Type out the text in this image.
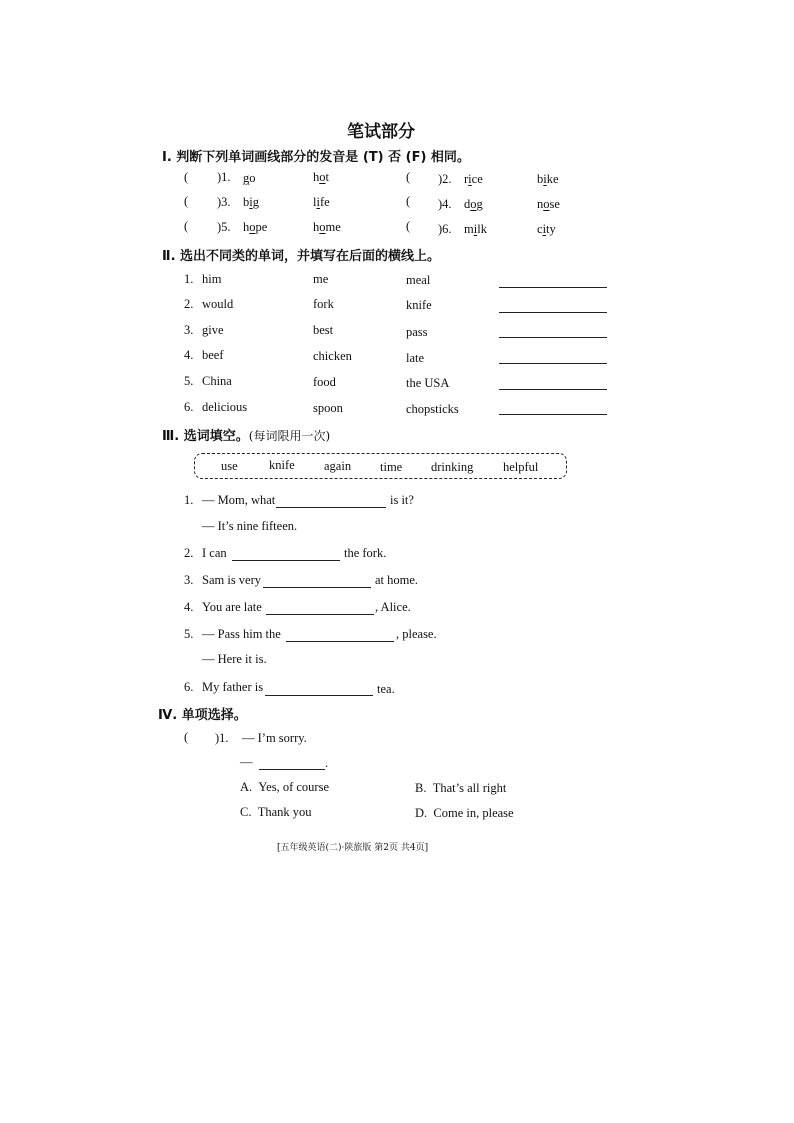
笔试部分
Ⅰ. 判断下列单词画线部分的发音是 (T) 否 (F) 相同。
( )1. go	hot	( )2. rice	bike
( )3. big	life	( )4. dog	nose
( )5. hope	home	( )6. milk	city
Ⅱ. 选出不同类的单词，并填写在后面的横线上。
1. him	me	meal
2. would	fork	knife
3. give	best	pass
4. beef	chicken	late
5. China	food	the USA
6. delicious	spoon	chopsticks
Ⅲ. 选词填空。(每词限用一次)
use	knife again time drinking helpful
1. — Mom, what	is it?
— It’s nine fifteen.
2. I can	the fork.
3. Sam is very	at home.
4. You are late	, Alice.
5. — Pass him the	, please.
— Here it is.
6. My father is	tea.
Ⅳ. 单项选择。
( )1. — I’m sorry.
—	.
A. Yes, of course	B. That’s all right
C. Thank you	D. Come in, please
[五年级英语(二)·陕旅版 第2页 共4页]
